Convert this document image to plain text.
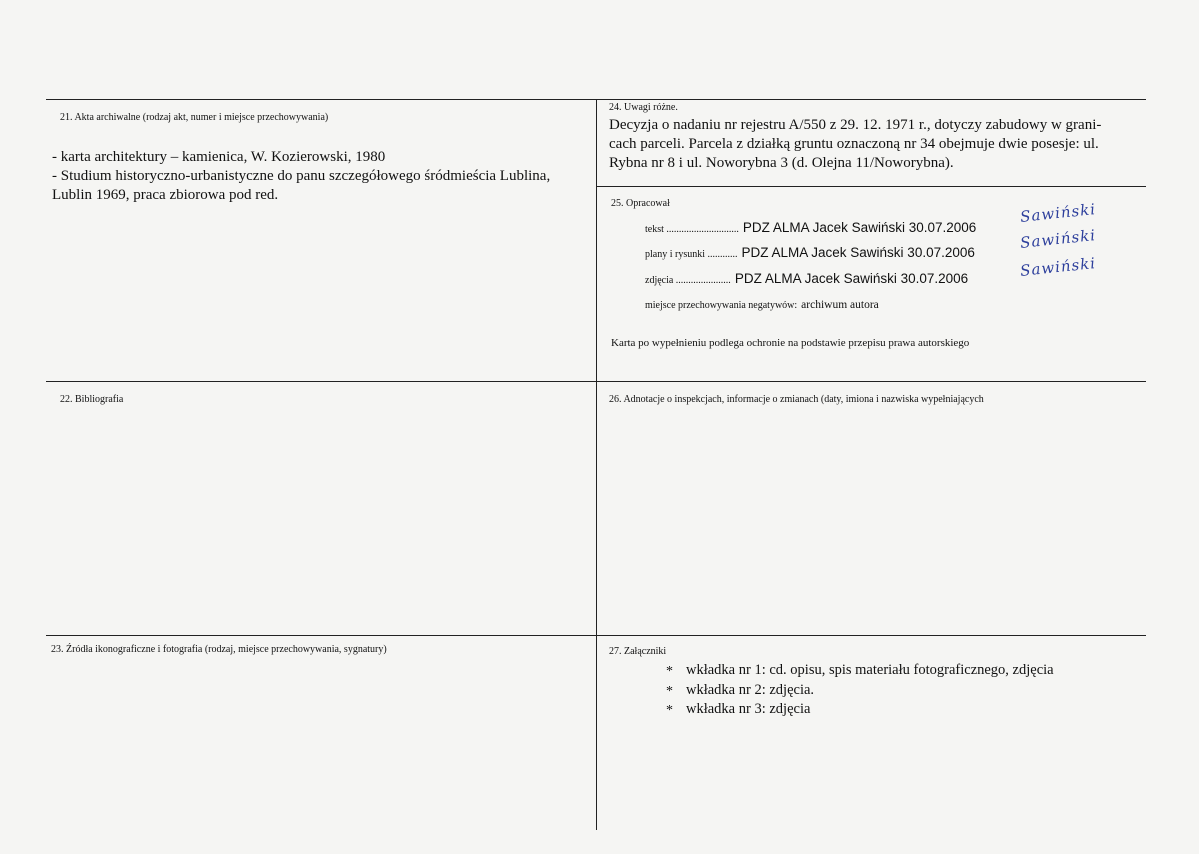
21. Akta archiwalne (rodzaj akt, numer i miejsce przechowywania)
- karta architektury – kamienica, W. Kozierowski, 1980
- Studium historyczno-urbanistyczne do panu szczegółowego śródmieścia Lublina,
Lublin 1969, praca zbiorowa pod red.
24. Uwagi różne.
Decyzja o nadaniu nr rejestru A/550 z 29. 12. 1971 r., dotyczy zabudowy w grani-
cach parceli. Parcela z działką gruntu oznaczoną nr 34 obejmuje dwie posesje: ul.
Rybna nr 8 i ul. Noworybna 3 (d. Olejna 11/Noworybna).
25. Opracował
tekst ............................. PDZ ALMA Jacek Sawiński 30.07.2006
Sawiński
plany i rysunki ............ PDZ ALMA Jacek Sawiński 30.07.2006
Sawiński
zdjęcia ...................... PDZ ALMA Jacek Sawiński 30.07.2006	Sawiński
miejsce przechowywania negatywów: archiwum autora
Karta po wypełnieniu podlega ochronie na podstawie przepisu prawa autorskiego
22. Bibliografia	26. Adnotacje o inspekcjach, informacje o zmianach (daty, imiona i nazwiska wypełniających
23. Źródła ikonograficzne i fotografia (rodzaj, miejsce przechowywania, sygnatury)	27. Załączniki
* wkładka nr 1: cd. opisu, spis materiału fotograficznego, zdjęcia
* wkładka nr 2: zdjęcia.
* wkładka nr 3: zdjęcia
